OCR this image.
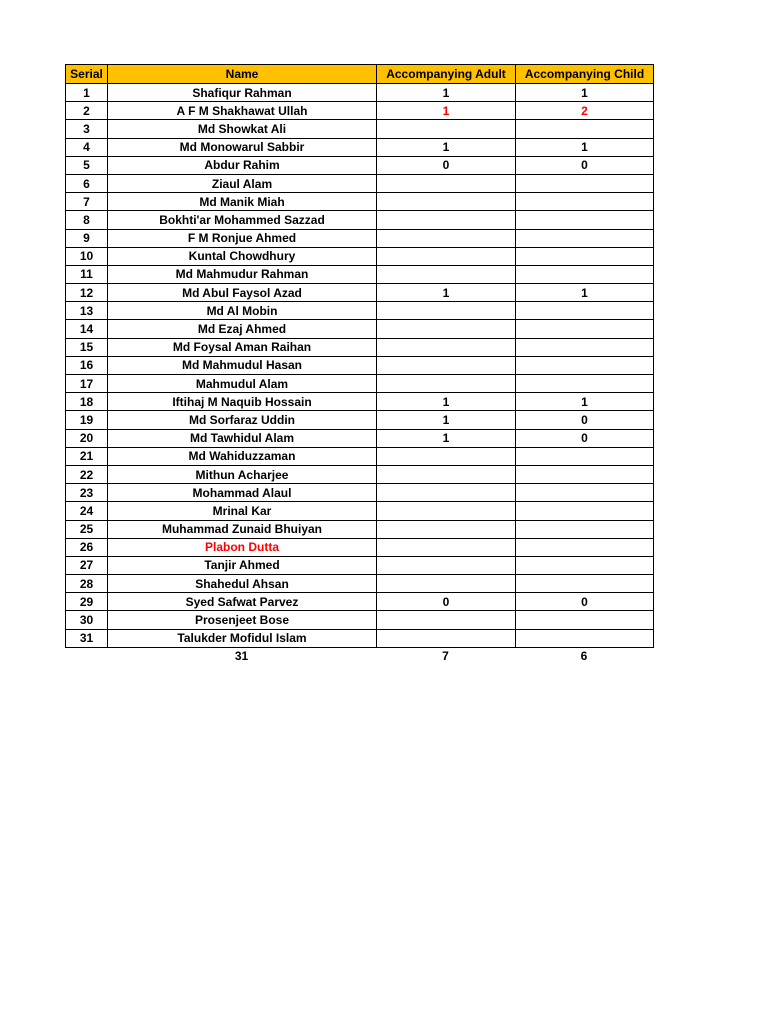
Serial	Name	Accompanying Adult	Accompanying Child
1	Shafiqur Rahman	1	1
2	A F M Shakhawat Ullah	1	2
3	Md Showkat Ali		
4	Md Monowarul Sabbir	1	1
5	Abdur Rahim	0	0
6	Ziaul Alam		
7	Md Manik Miah		
8	Bokhti'ar Mohammed Sazzad		
9	F M Ronjue Ahmed		
10	Kuntal Chowdhury		
11	Md Mahmudur Rahman		
12	Md Abul Faysol Azad	1	1
13	Md Al Mobin		
14	Md Ezaj Ahmed		
15	Md Foysal Aman Raihan		
16	Md Mahmudul Hasan		
17	Mahmudul Alam		
18	Iftihaj M Naquib Hossain	1	1
19	Md Sorfaraz Uddin	1	0
20	Md Tawhidul Alam	1	0
21	Md Wahiduzzaman		
22	Mithun Acharjee		
23	Mohammad Alaul		
24	Mrinal Kar		
25	Muhammad Zunaid Bhuiyan		
26	Plabon Dutta		
27	Tanjir Ahmed		
28	Shahedul Ahsan		
29	Syed Safwat Parvez	0	0
30	Prosenjeet Bose		
31	Talukder Mofidul Islam		
	31	7	6
